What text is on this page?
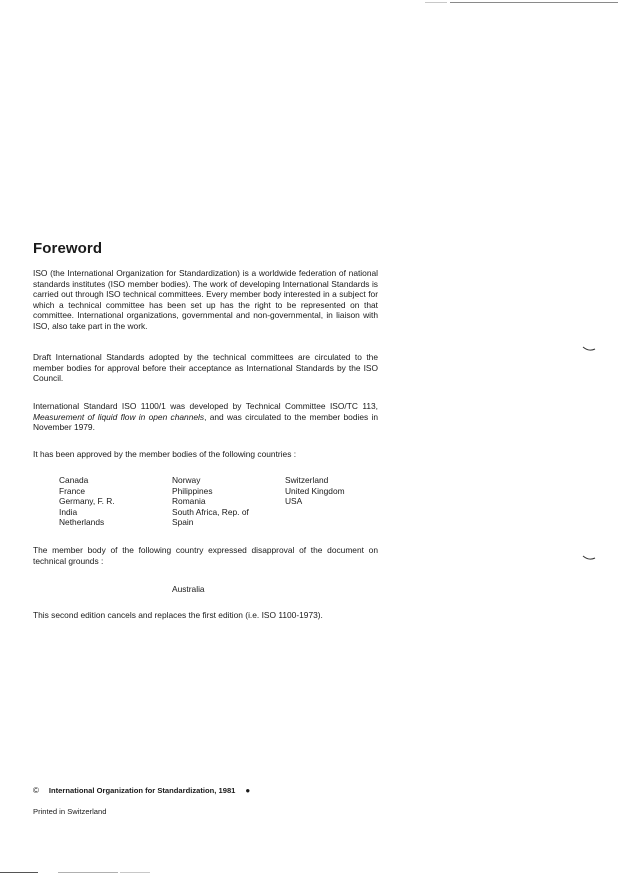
Foreword

ISO (the International Organization for Standardization) is a worldwide federation of national standards institutes (ISO member bodies). The work of developing International Standards is carried out through ISO technical committees. Every member body interested in a subject for which a technical committee has been set up has the right to be represented on that committee. International organizations, governmental and non-governmental, in liaison with ISO, also take part in the work.

Draft International Standards adopted by the technical committees are circulated to the member bodies for approval before their acceptance as International Standards by the ISO Council.

International Standard ISO 1100/1 was developed by Technical Committee ISO/TC 113, Measurement of liquid flow in open channels, and was circulated to the member bodies in November 1979.

It has been approved by the member bodies of the following countries :

Canada
France
Germany, F. R.
India
Netherlands
Norway
Philippines
Romania
South Africa, Rep. of
Spain
Switzerland
United Kingdom
USA

The member body of the following country expressed disapproval of the document on technical grounds :

Australia

This second edition cancels and replaces the first edition (i.e. ISO 1100-1973).

© International Organization for Standardization, 1981 ●
Printed in Switzerland
